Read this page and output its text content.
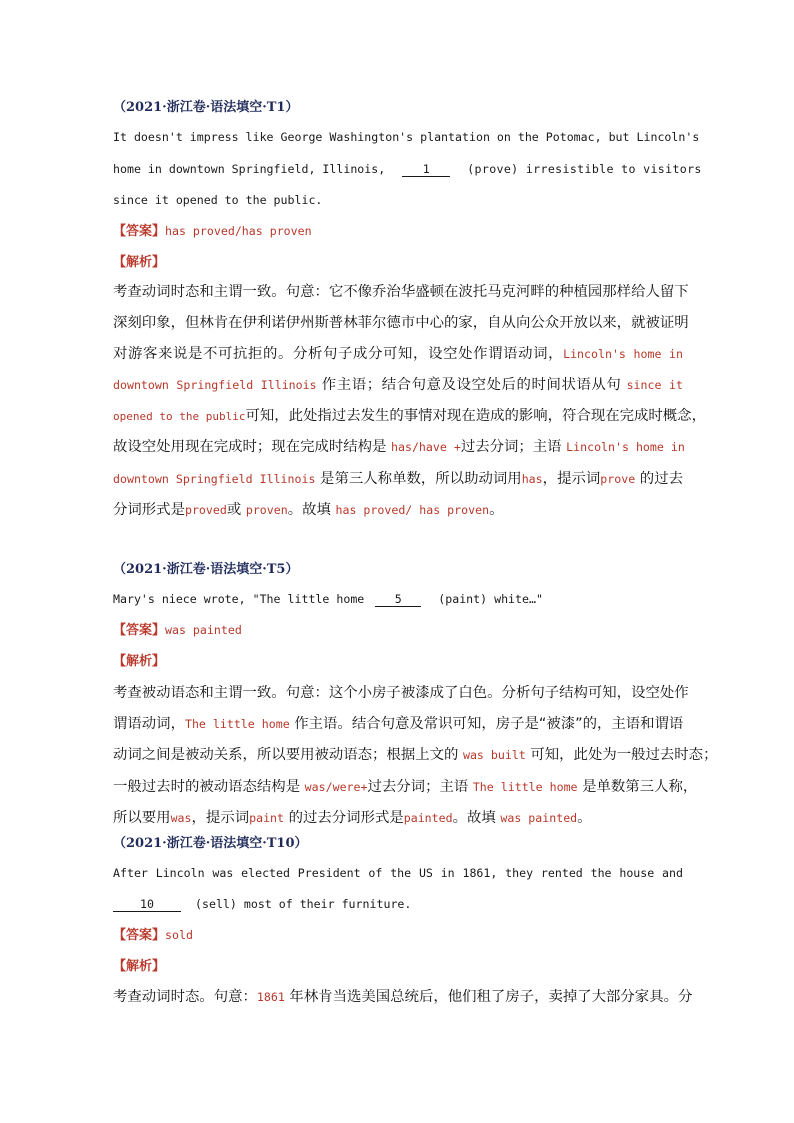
（2021·浙江卷·语法填空·T1）
It doesn't impress like George Washington's plantation on the Potomac, but Lincoln's
home in downtown Springfield, Illinois,	1	(prove) irresistible to visitors
since it opened to the public.
【答案】has proved/has proven
【解析】
考查动词时态和主谓一致。句意：它不像乔治华盛顿在波托马克河畔的种植园那样给人留下
深刻印象，但林肯在伊利诺伊州斯普林菲尔德市中心的家，自从向公众开放以来，就被证明
对游客来说是不可抗拒的。分析句子成分可知，设空处作谓语动词，Lincoln's home in
downtown Springfield Illinois 作主语；结合句意及设空处后的时间状语从句 since it
opened to the public可知，此处指过去发生的事情对现在造成的影响，符合现在完成时概念，
故设空处用现在完成时；现在完成时结构是 has/have +过去分词；主语 Lincoln's home in
downtown Springfield Illinois 是第三人称单数，所以助动词用has，提示词prove 的过去
分词形式是proved或 proven。故填 has proved/ has proven。
（2021·浙江卷·语法填空·T5）
Mary's niece wrote, "The little home	5	(paint) white…"
【答案】was painted
【解析】
考查被动语态和主谓一致。句意：这个小房子被漆成了白色。分析句子结构可知，设空处作
谓语动词，The little home 作主语。结合句意及常识可知，房子是“被漆”的，主语和谓语
动词之间是被动关系，所以要用被动语态；根据上文的 was built 可知，此处为一般过去时态；
一般过去时的被动语态结构是 was/were+过去分词；主语 The little home 是单数第三人称，
所以要用was，提示词paint 的过去分词形式是painted。故填 was painted。
（2021·浙江卷·语法填空·T10）
After Lincoln was elected President of the US in 1861, they rented the house and
10	(sell) most of their furniture.
【答案】sold
【解析】
考查动词时态。句意：1861 年林肯当选美国总统后，他们租了房子，卖掉了大部分家具。分
